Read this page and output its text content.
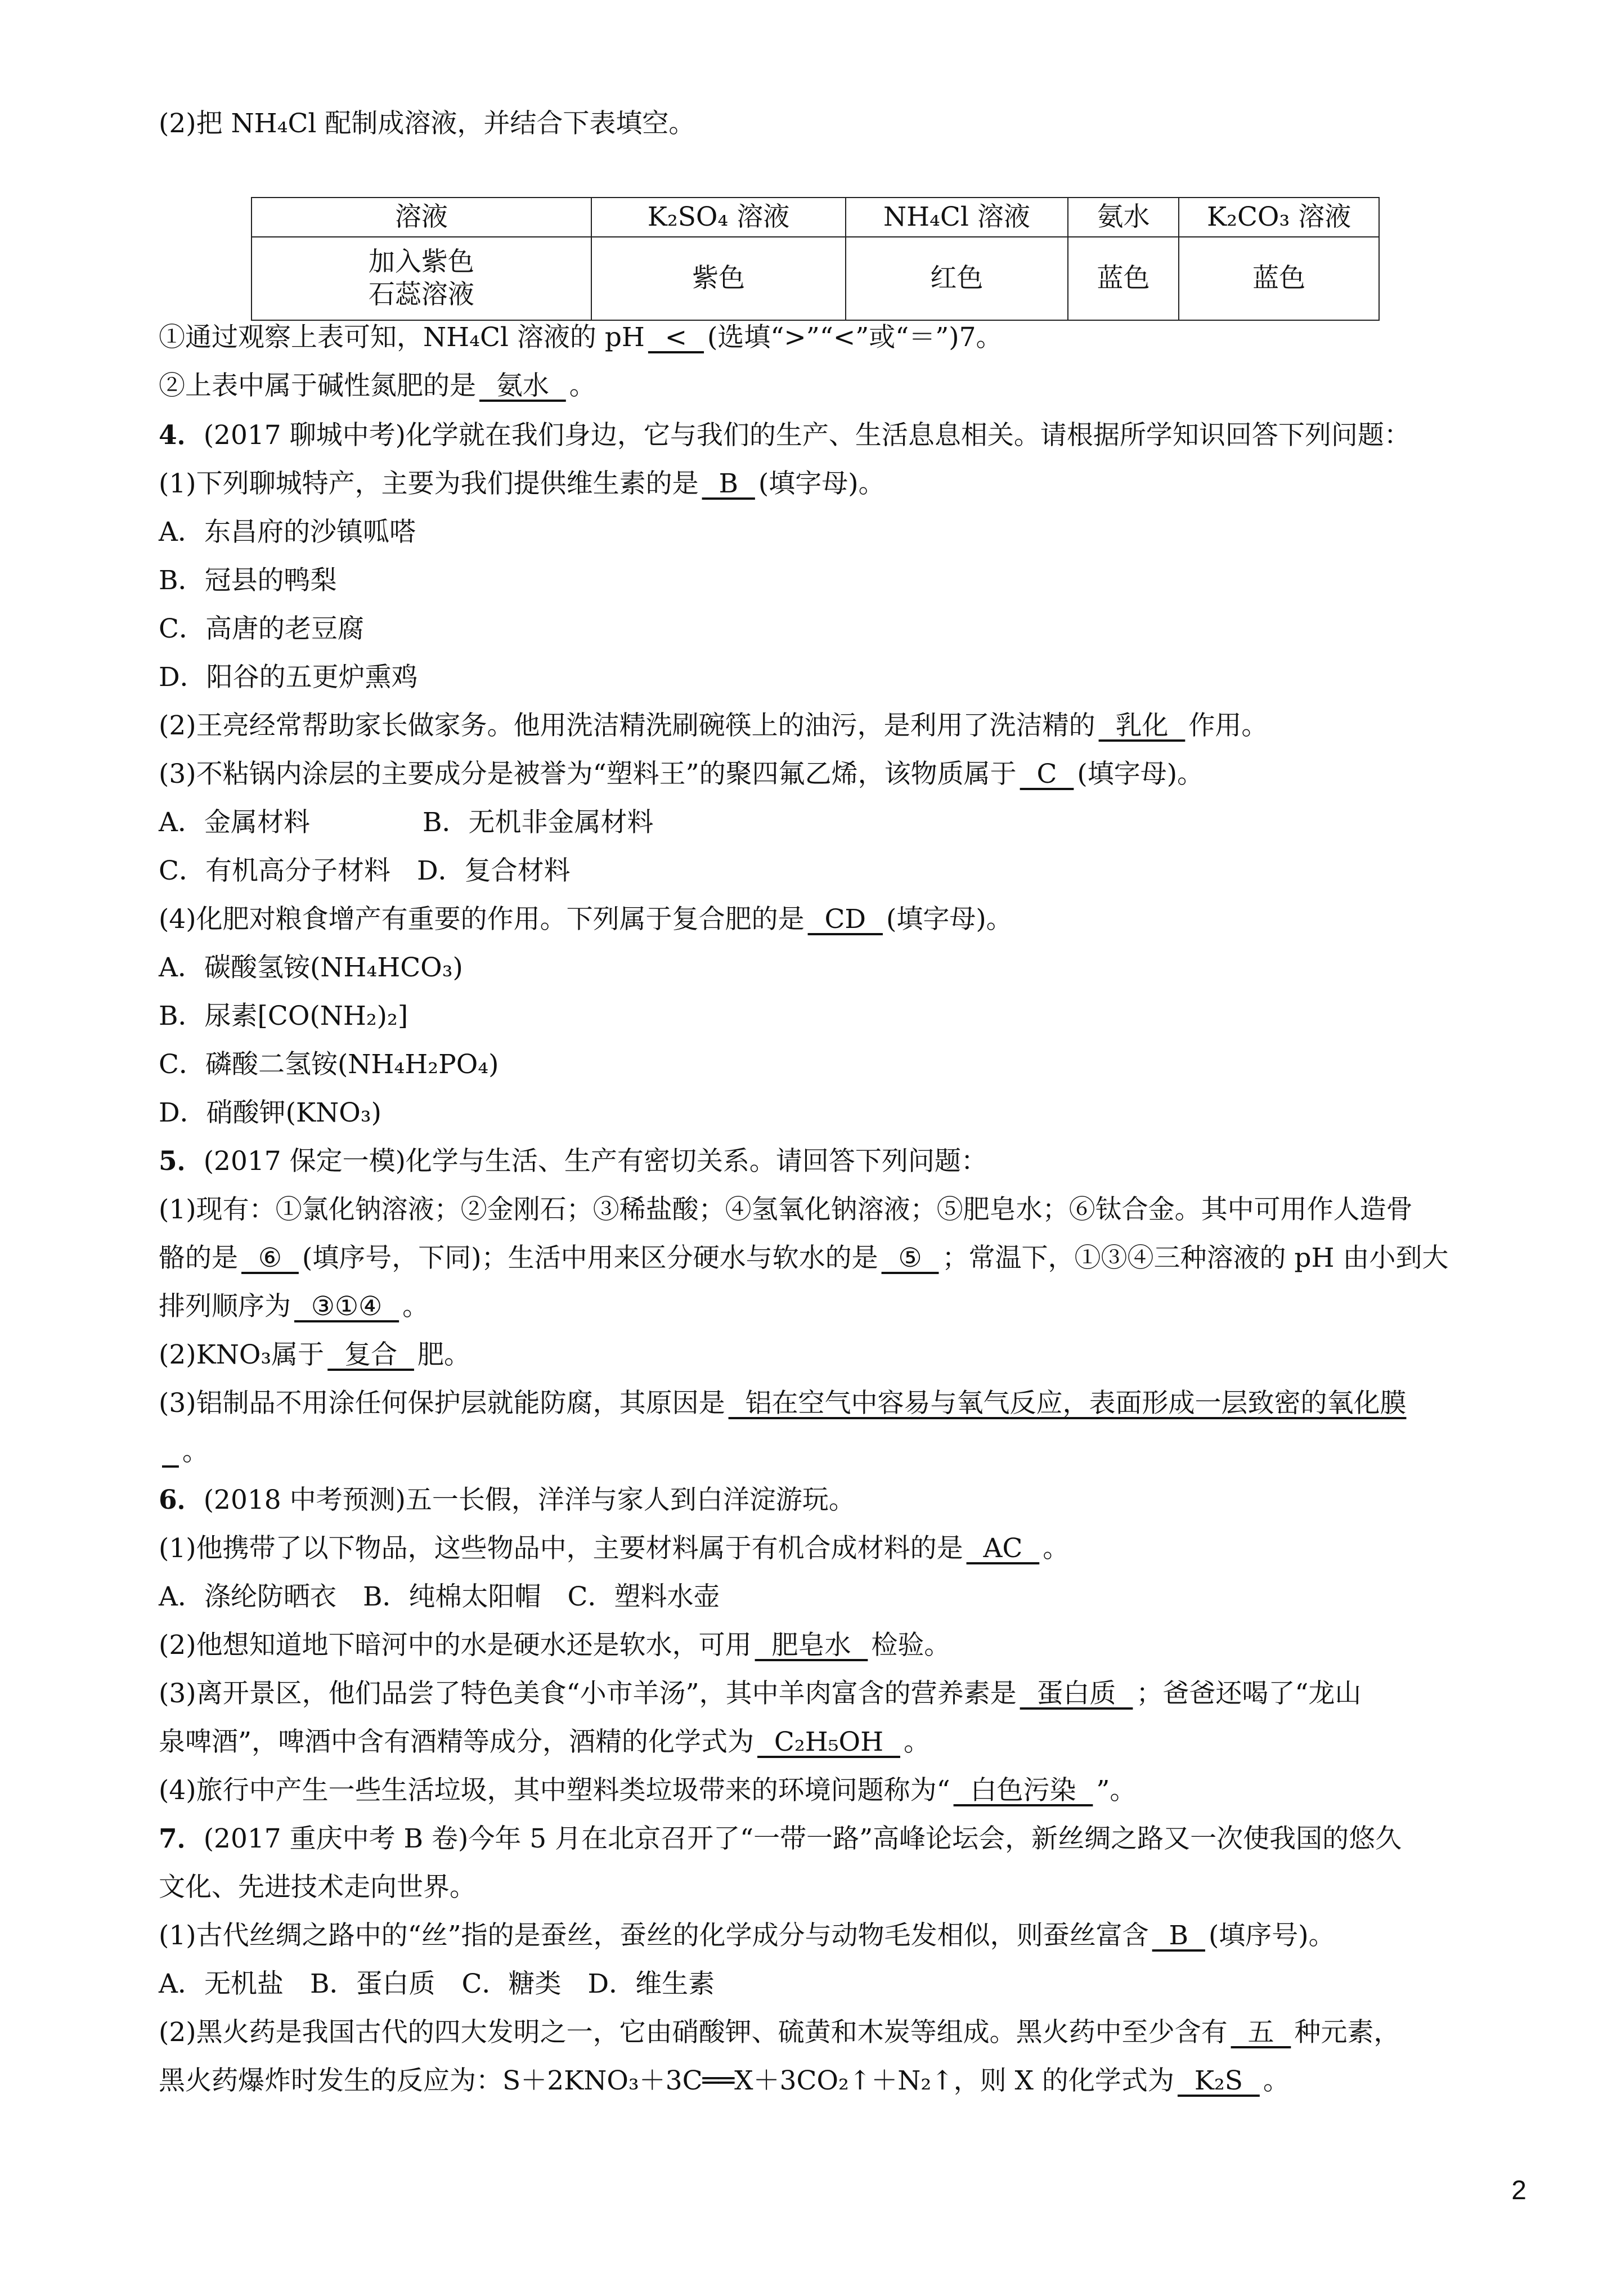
(2)把 NH₄Cl 配制成溶液，并结合下表填空。
溶液	K₂SO₄ 溶液	NH₄Cl 溶液	氨水	K₂CO₃ 溶液

加入紫色
石蕊溶液	紫色	红色	蓝色	蓝色
①通过观察上表可知，NH₄Cl 溶液的 pH  <  (选填“>”“<”或“＝”)7。
②上表中属于碱性氮肥的是  氨水  。
4．(2017 聊城中考)化学就在我们身边，它与我们的生产、生活息息相关。请根据所学知识回答下列问题：
(1)下列聊城特产，主要为我们提供维生素的是  B  (填字母)。
A．东昌府的沙镇呱嗒
B．冠县的鸭梨
C．高唐的老豆腐
D．阳谷的五更炉熏鸡
(2)王亮经常帮助家长做家务。他用洗洁精洗刷碗筷上的油污，是利用了洗洁精的  乳化  作用。
(3)不粘锅内涂层的主要成分是被誉为“塑料王”的聚四氟乙烯，该物质属于  C  (填字母)。
A．金属材料	B．无机非金属材料
C．有机高分子材料　D．复合材料
(4)化肥对粮食增产有重要的作用。下列属于复合肥的是  CD  (填字母)。
A．碳酸氢铵(NH₄HCO₃)
B．尿素[CO(NH₂)₂]
C．磷酸二氢铵(NH₄H₂PO₄)
D．硝酸钾(KNO₃)
5．(2017 保定一模)化学与生活、生产有密切关系。请回答下列问题：
(1)现有：①氯化钠溶液；②金刚石；③稀盐酸；④氢氧化钠溶液；⑤肥皂水；⑥钛合金。其中可用作人造骨
骼的是  ⑥  (填序号，下同)；生活中用来区分硬水与软水的是  ⑤  ；常温下，①③④三种溶液的 pH 由小到大
排列顺序为  ③①④  。
(2)KNO₃属于  复合  肥。
(3)铝制品不用涂任何保护层就能防腐，其原因是  铝在空气中容易与氧气反应，表面形成一层致密的氧化膜
。
6．(2018 中考预测)五一长假，洋洋与家人到白洋淀游玩。
(1)他携带了以下物品，这些物品中，主要材料属于有机合成材料的是  AC  。
A．涤纶防晒衣　B．纯棉太阳帽　C．塑料水壶
(2)他想知道地下暗河中的水是硬水还是软水，可用  肥皂水  检验。
(3)离开景区，他们品尝了特色美食“小市羊汤”，其中羊肉富含的营养素是  蛋白质  ；爸爸还喝了“龙山
泉啤酒”，啤酒中含有酒精等成分，酒精的化学式为  C₂H₅OH  。
(4)旅行中产生一些生活垃圾，其中塑料类垃圾带来的环境问题称为“  白色污染  ”。
7．(2017 重庆中考 B 卷)今年 5 月在北京召开了“一带一路”高峰论坛会，新丝绸之路又一次使我国的悠久
文化、先进技术走向世界。
(1)古代丝绸之路中的“丝”指的是蚕丝，蚕丝的化学成分与动物毛发相似，则蚕丝富含  B  (填序号)。
A．无机盐　B．蛋白质　C．糖类　D．维生素
(2)黑火药是我国古代的四大发明之一，它由硝酸钾、硫黄和木炭等组成。黑火药中至少含有  五  种元素，
黑火药爆炸时发生的反应为：S＋2KNO₃＋3C══X＋3CO₂↑＋N₂↑，则 X 的化学式为  K₂S  。
2
